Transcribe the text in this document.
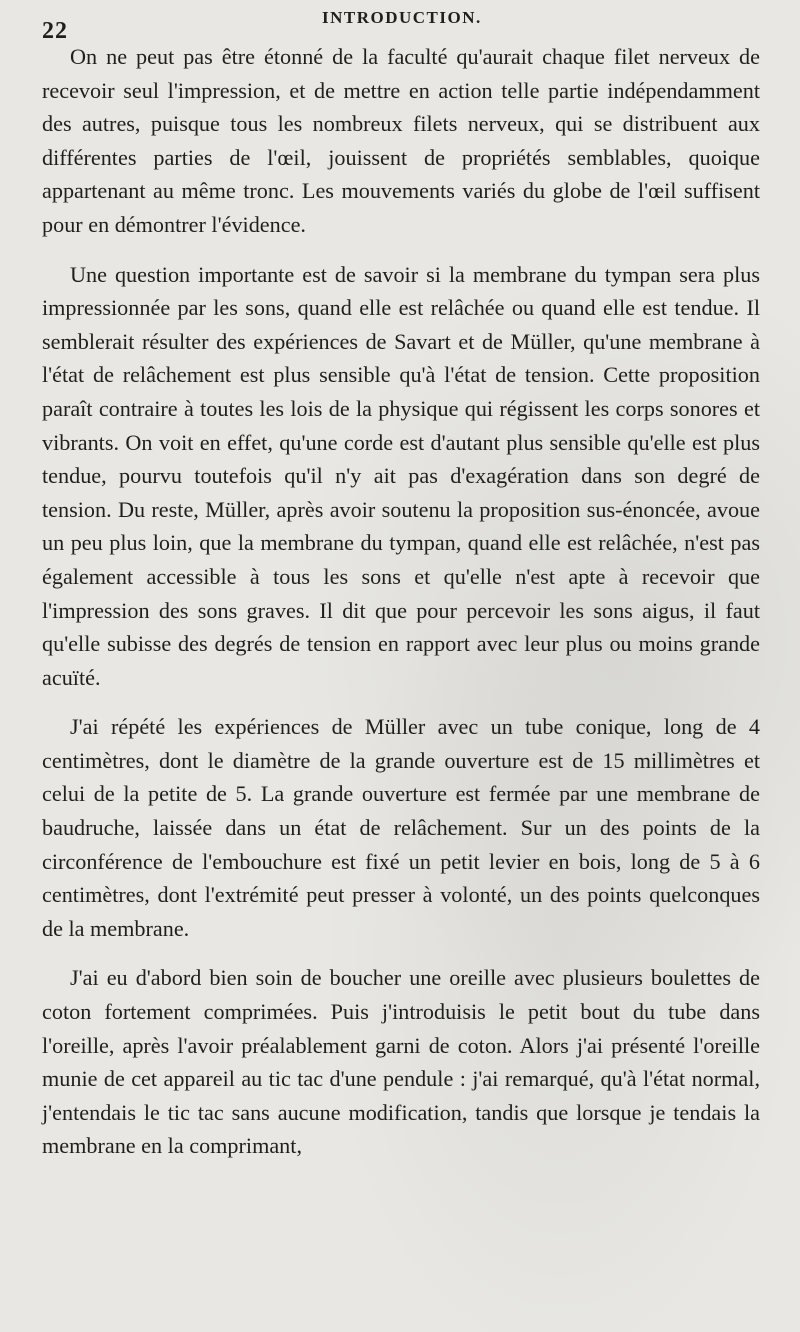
22
INTRODUCTION.

On ne peut pas être étonné de la faculté qu'aurait chaque filet nerveux de recevoir seul l'impression, et de mettre en action telle partie indépendamment des autres, puisque tous les nombreux filets nerveux, qui se distribuent aux différentes parties de l'œil, jouissent de propriétés semblables, quoique appartenant au même tronc. Les mouvements variés du globe de l'œil suffisent pour en démontrer l'évidence.

Une question importante est de savoir si la membrane du tympan sera plus impressionnée par les sons, quand elle est relâchée ou quand elle est tendue. Il semblerait résulter des expériences de Savart et de Müller, qu'une membrane à l'état de relâchement est plus sensible qu'à l'état de tension. Cette proposition paraît contraire à toutes les lois de la physique qui régissent les corps sonores et vibrants. On voit en effet, qu'une corde est d'autant plus sensible qu'elle est plus tendue, pourvu toutefois qu'il n'y ait pas d'exagération dans son degré de tension. Du reste, Müller, après avoir soutenu la proposition sus-énoncée, avoue un peu plus loin, que la membrane du tympan, quand elle est relâchée, n'est pas également accessible à tous les sons et qu'elle n'est apte à recevoir que l'impression des sons graves. Il dit que pour percevoir les sons aigus, il faut qu'elle subisse des degrés de tension en rapport avec leur plus ou moins grande acuïté.

J'ai répété les expériences de Müller avec un tube conique, long de 4 centimètres, dont le diamètre de la grande ouverture est de 15 millimètres et celui de la petite de 5. La grande ouverture est fermée par une membrane de baudruche, laissée dans un état de relâchement. Sur un des points de la circonférence de l'embouchure est fixé un petit levier en bois, long de 5 à 6 centimètres, dont l'extrémité peut presser à volonté, un des points quelconques de la membrane.

J'ai eu d'abord bien soin de boucher une oreille avec plusieurs boulettes de coton fortement comprimées. Puis j'introduisis le petit bout du tube dans l'oreille, après l'avoir préalablement garni de coton. Alors j'ai présenté l'oreille munie de cet appareil au tic tac d'une pendule : j'ai remarqué, qu'à l'état normal, j'entendais le tic tac sans aucune modification, tandis que lorsque je tendais la membrane en la comprimant,
